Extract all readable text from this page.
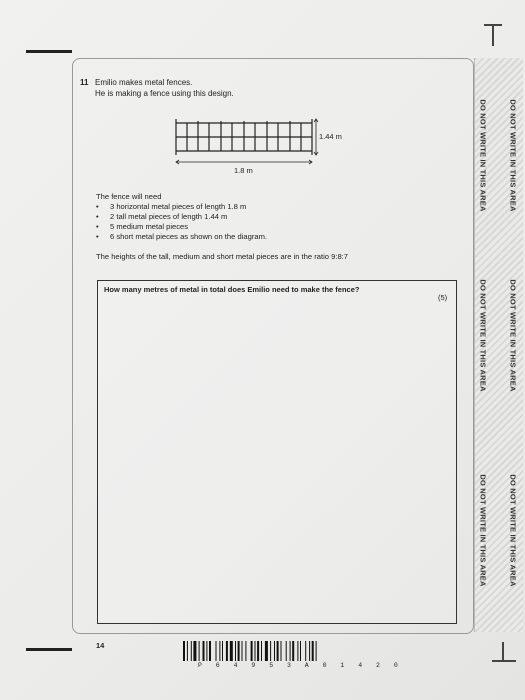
DO NOT WRITE IN THIS AREA	DO NOT WRITE IN THIS AREA
DO NOT WRITE IN THIS AREA	DO NOT WRITE IN THIS AREA
DO NOT WRITE IN THIS AREA	DO NOT WRITE IN THIS AREA
11 Emilio makes metal fences.
He is making a fence using this design.
1.44 m
1.8 m
The fence will need
• 3 horizontal metal pieces of length 1.8 m
• 2 tall metal pieces of length 1.44 m
• 5 medium metal pieces
• 6 short metal pieces as shown on the diagram.
The heights of the tall, medium and short metal pieces are in the ratio 9:8:7
How many metres of metal in total does Emilio need to make the fence?
(5)
14
P 6 4 9 5 3 A 0 1 4 2 0
